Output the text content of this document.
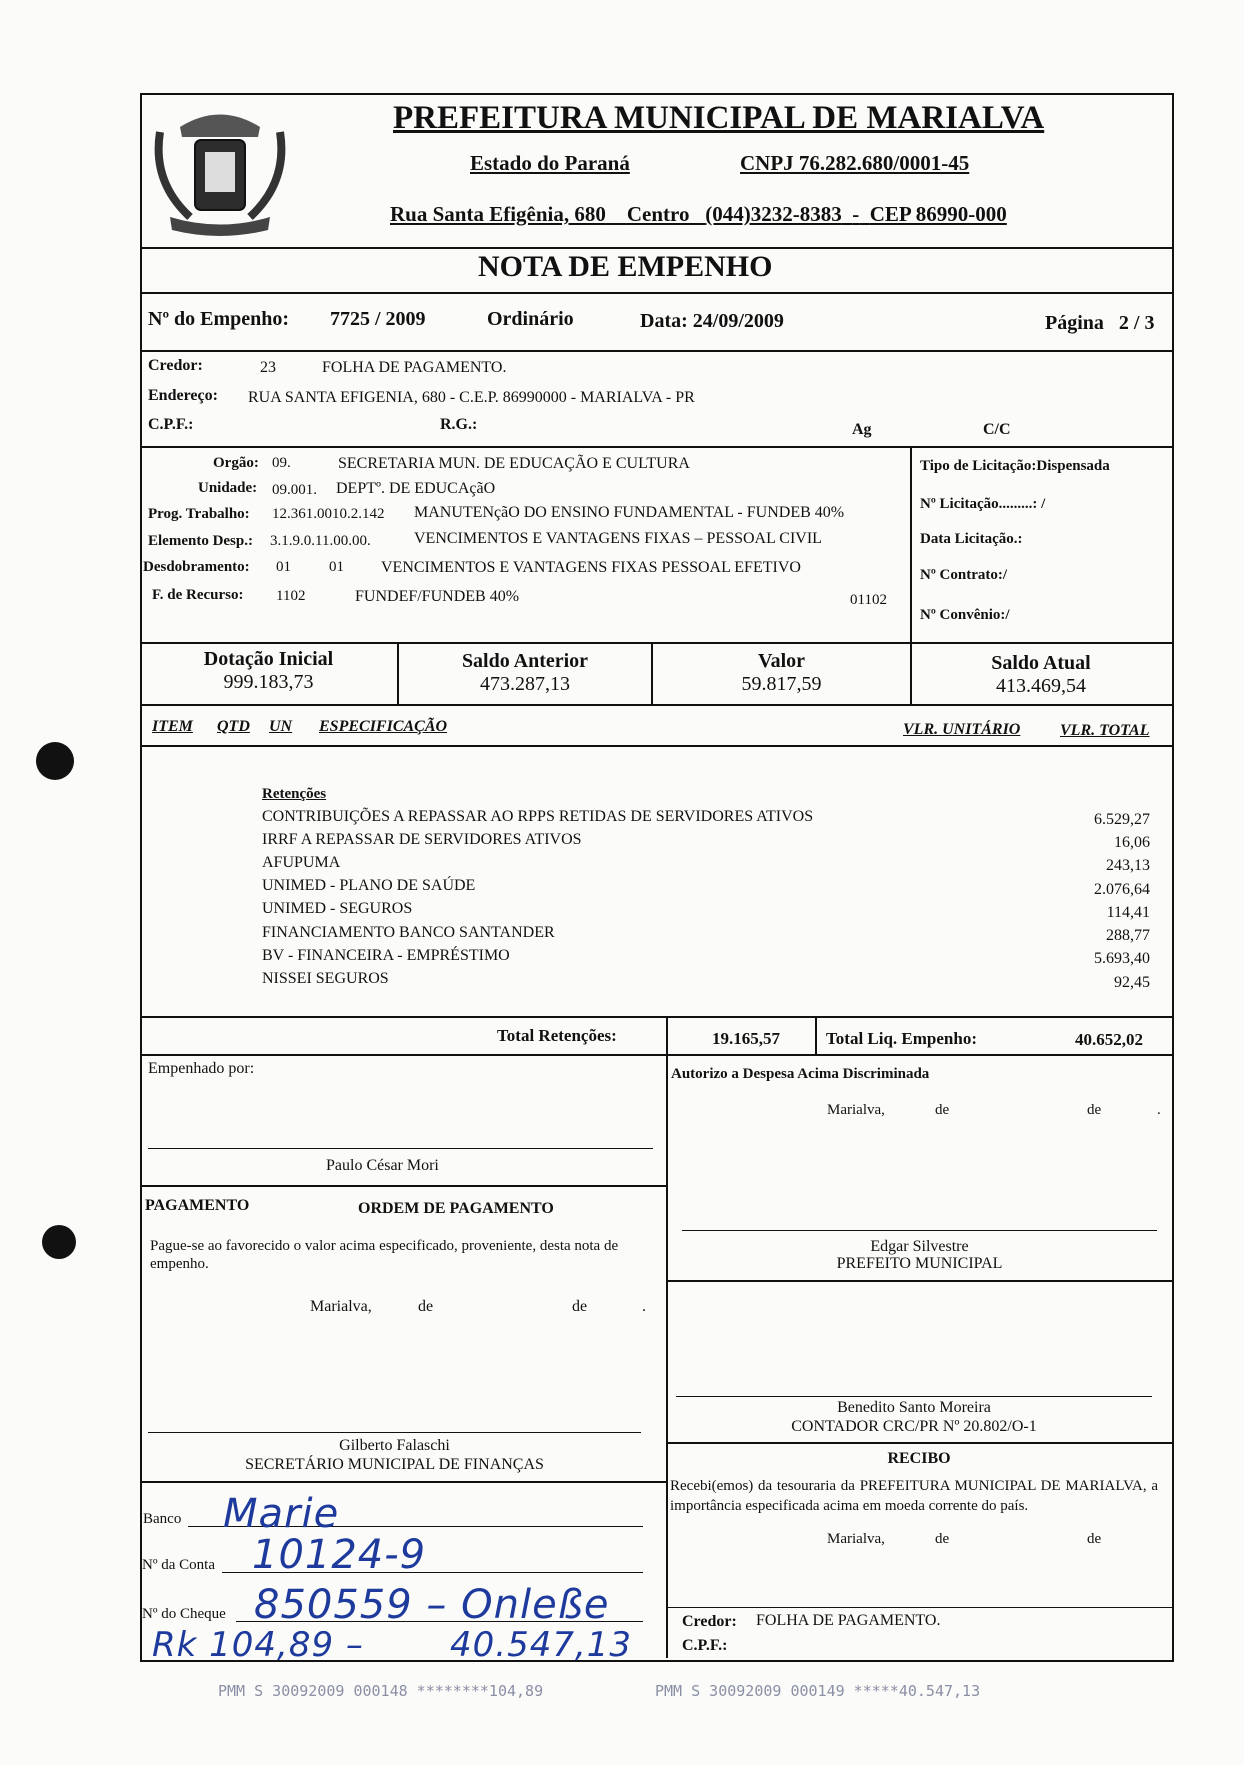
PREFEITURA MUNICIPAL DE MARIALVA
Estado do Paraná	CNPJ 76.282.680/0001-45
Rua Santa Efigênia, 680 Centro (044)3232-8383 - CEP 86990-000
NOTA DE EMPENHO
Nº do Empenho: 7725 / 2009	Ordinário	Data: 24/09/2009	Página 2 / 3
Credor:	23	FOLHA DE PAGAMENTO.
Endereço: RUA SANTA EFIGENIA, 680 - C.E.P. 86990000 - MARIALVA - PR
C.P.F.:	R.G.:	Ag	C/C
Orgão: 09.	SECRETARIA MUN. DE EDUCAÇÃO E CULTURA
Unidade: 09.001. DEPTº. DE EDUCAçãO
Prog. Trabalho: 12.361.0010.2.142 MANUTENçãO DO ENSINO FUNDAMENTAL - FUNDEB 40%
Elemento Desp.: 3.1.9.0.11.00.00.	VENCIMENTOS E VANTAGENS FIXAS – PESSOAL CIVIL
Desdobramento: 01	01 VENCIMENTOS E VANTAGENS FIXAS PESSOAL EFETIVO
F. de Recurso: 1102	FUNDEF/FUNDEB 40%	01102
Tipo de Licitação:Dispensada
Nº Licitação.........: /
Data Licitação.:
Nº Contrato:/
Nº Convênio:/
Dotação Inicial
999.183,73
Saldo Anterior
473.287,13
Valor
59.817,59
Saldo Atual
413.469,54
ITEM QTD UN ESPECIFICAÇÃO	VLR. UNITÁRIO VLR. TOTAL
Retenções
CONTRIBUIÇÕES A REPASSAR AO RPPS RETIDAS DE SERVIDORES ATIVOS	6.529,27
IRRF A REPASSAR DE SERVIDORES ATIVOS	16,06
AFUPUMA	243,13
UNIMED - PLANO DE SAÚDE	2.076,64
UNIMED - SEGUROS	114,41
FINANCIAMENTO BANCO SANTANDER	288,77
BV - FINANCEIRA - EMPRÉSTIMO	5.693,40
NISSEI SEGUROS	92,45
Total Retenções:	19.165,57	Total Liq. Empenho:	40.652,02
Empenhado por:
Paulo César Mori
PAGAMENTO	ORDEM DE PAGAMENTO
Pague-se ao favorecido o valor acima especificado, proveniente, desta nota de empenho.
Marialva,	de	de	.
Gilberto Falaschi
SECRETÁRIO MUNICIPAL DE FINANÇAS
Banco Marie
Nº da Conta 10124-9
Nº do Cheque 850559 – Onleße
Rk 104,89 –	40.547,13
Autorizo a Despesa Acima Discriminada
Marialva,	de	de	.
Edgar Silvestre
PREFEITO MUNICIPAL
Benedito Santo Moreira
CONTADOR CRC/PR Nº 20.802/O-1
RECIBO
Recebi(emos) da tesouraria da PREFEITURA MUNICIPAL DE MARIALVA, a importância especificada acima em moeda corrente do país.
Marialva,	de	de
Credor: FOLHA DE PAGAMENTO.
C.P.F.:
PMM S 30092009 000148 ********104,89	PMM S 30092009 000149 *****40.547,13
